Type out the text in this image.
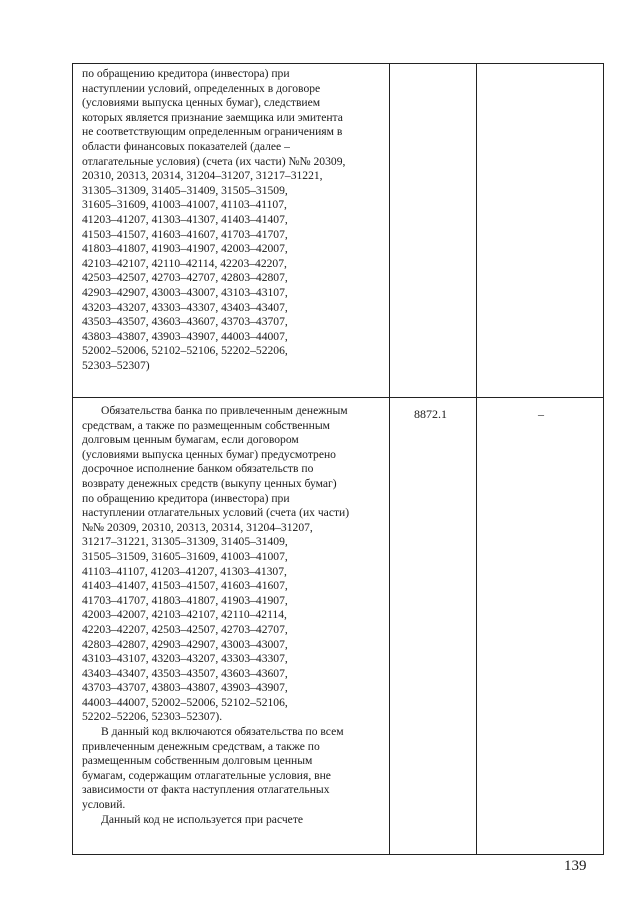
по обращению кредитора (инвестора) при

наступлении условий, определенных в договоре

(условиями выпуска ценных бумаг), следствием

которых является признание заемщика или эмитента

не соответствующим определенным ограничениям в

области финансовых показателей (далее –

отлагательные условия) (счета (их части) №№ 20309,

20310, 20313, 20314, 31204–31207, 31217–31221,

31305–31309, 31405–31409, 31505–31509,

31605–31609, 41003–41007, 41103–41107,

41203–41207, 41303–41307, 41403–41407,

41503–41507, 41603–41607, 41703–41707,

41803–41807, 41903–41907, 42003–42007,

42103–42107, 42110–42114, 42203–42207,

42503–42507, 42703–42707, 42803–42807,

42903–42907, 43003–43007, 43103–43107,

43203–43207, 43303–43307, 43403–43407,

43503–43507, 43603–43607, 43703–43707,

43803–43807, 43903–43907, 44003–44007,

52002–52006, 52102–52106, 52202–52206,

52303–52307)

8872.1	–

Обязательства банка по привлеченным денежным

средствам, а также по размещенным собственным

долговым ценным бумагам, если договором

(условиями выпуска ценных бумаг) предусмотрено

досрочное исполнение банком обязательств по

возврату денежных средств (выкупу ценных бумаг)

по обращению кредитора (инвестора) при

наступлении отлагательных условий (счета (их части)

№№ 20309, 20310, 20313, 20314, 31204–31207,

31217–31221, 31305–31309, 31405–31409,

31505–31509, 31605–31609, 41003–41007,

41103–41107, 41203–41207, 41303–41307,

41403–41407, 41503–41507, 41603–41607,

41703–41707, 41803–41807, 41903–41907,

42003–42007, 42103–42107, 42110–42114,

42203–42207, 42503–42507, 42703–42707,

42803–42807, 42903–42907, 43003–43007,

43103–43107, 43203–43207, 43303–43307,

43403–43407, 43503–43507, 43603–43607,

43703–43707, 43803–43807, 43903–43907,

44003–44007, 52002–52006, 52102–52106,

52202–52206, 52303–52307).

В данный код включаются обязательства по всем

привлеченным денежным средствам, а также по

размещенным собственным долговым ценным

бумагам, содержащим отлагательные условия, вне

зависимости от факта наступления отлагательных

условий.

Данный код не используется при расчете

139
